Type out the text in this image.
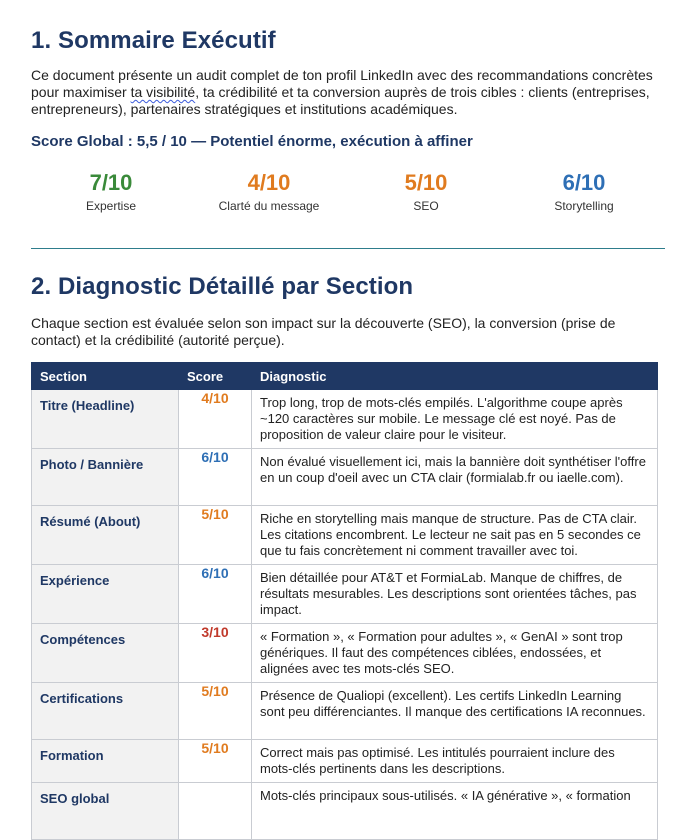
1. Sommaire Exécutif
Ce document présente un audit complet de ton profil LinkedIn avec des recommandations concrètes pour maximiser ta visibilité, ta crédibilité et ta conversion auprès de trois cibles : clients (entreprises, entrepreneurs), partenaires stratégiques et institutions académiques.
Score Global : 5,5 / 10 — Potentiel énorme, exécution à affiner
7/10
Expertise
4/10
Clarté du message
5/10
SEO
6/10
Storytelling
2. Diagnostic Détaillé par Section
Chaque section est évaluée selon son impact sur la découverte (SEO), la conversion (prise de contact) et la crédibilité (autorité perçue).
Section	Score	Diagnostic
Titre (Headline)	4/10	Trop long, trop de mots-clés empilés. L'algorithme coupe après ~120 caractères sur mobile. Le message clé est noyé. Pas de proposition de valeur claire pour le visiteur.
Photo / Bannière	6/10	Non évalué visuellement ici, mais la bannière doit synthétiser l'offre en un coup d'oeil avec un CTA clair (formialab.fr ou iaelle.com).
Résumé (About)	5/10	Riche en storytelling mais manque de structure. Pas de CTA clair. Les citations encombrent. Le lecteur ne sait pas en 5 secondes ce que tu fais concrètement ni comment travailler avec toi.
Expérience	6/10	Bien détaillée pour AT&T et FormiaLab. Manque de chiffres, de résultats mesurables. Les descriptions sont orientées tâches, pas impact.
Compétences	3/10	« Formation », « Formation pour adultes », « GenAI » sont trop génériques. Il faut des compétences ciblées, endossées, et alignées avec tes mots-clés SEO.
Certifications	5/10	Présence de Qualiopi (excellent). Les certifs LinkedIn Learning sont peu différenciantes. Il manque des certifications IA reconnues.
Formation	5/10	Correct mais pas optimisé. Les intitulés pourraient inclure des mots-clés pertinents dans les descriptions.
SEO global		Mots-clés principaux sous-utilisés. « IA générative », « formation
